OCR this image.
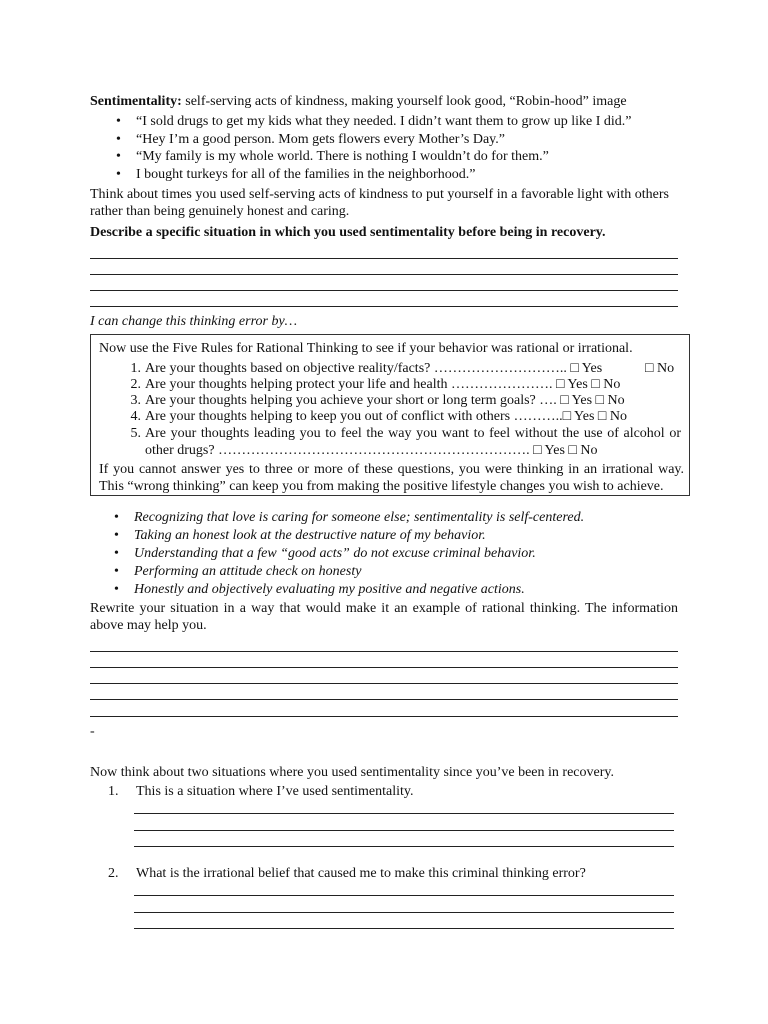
Sentimentality: self-serving acts of kindness, making yourself look good, “Robin-hood” image
• “I sold drugs to get my kids what they needed. I didn’t want them to grow up like I did.”
• “Hey I’m a good person. Mom gets flowers every Mother’s Day.”
• “My family is my whole world. There is nothing I wouldn’t do for them.”
• I bought turkeys for all of the families in the neighborhood.”
Think about times you used self-serving acts of kindness to put yourself in a favorable light with others rather than being genuinely honest and caring.
Describe a specific situation in which you used sentimentality before being in recovery.
I can change this thinking error by…
Now use the Five Rules for Rational Thinking to see if your behavior was rational or irrational.
1. Are your thoughts based on objective reality/facts? ……………………….. □ Yes	□ No
2. Are your thoughts helping protect your life and health …………………. □ Yes □ No
3. Are your thoughts helping you achieve your short or long term goals? …. □ Yes □ No
4. Are your thoughts helping to keep you out of conflict with others ………..□ Yes □ No
5. Are your thoughts leading you to feel the way you want to feel without the use of alcohol or other drugs? …………………………………………………………. □ Yes □ No
If you cannot answer yes to three or more of these questions, you were thinking in an irrational way. This “wrong thinking” can keep you from making the positive lifestyle changes you wish to achieve.
• Recognizing that love is caring for someone else; sentimentality is self-centered.
• Taking an honest look at the destructive nature of my behavior.
• Understanding that a few “good acts” do not excuse criminal behavior.
• Performing an attitude check on honesty
• Honestly and objectively evaluating my positive and negative actions.
Rewrite your situation in a way that would make it an example of rational thinking. The information above may help you.
-
Now think about two situations where you used sentimentality since you’ve been in recovery.
1. This is a situation where I’ve used sentimentality.
2. What is the irrational belief that caused me to make this criminal thinking error?
